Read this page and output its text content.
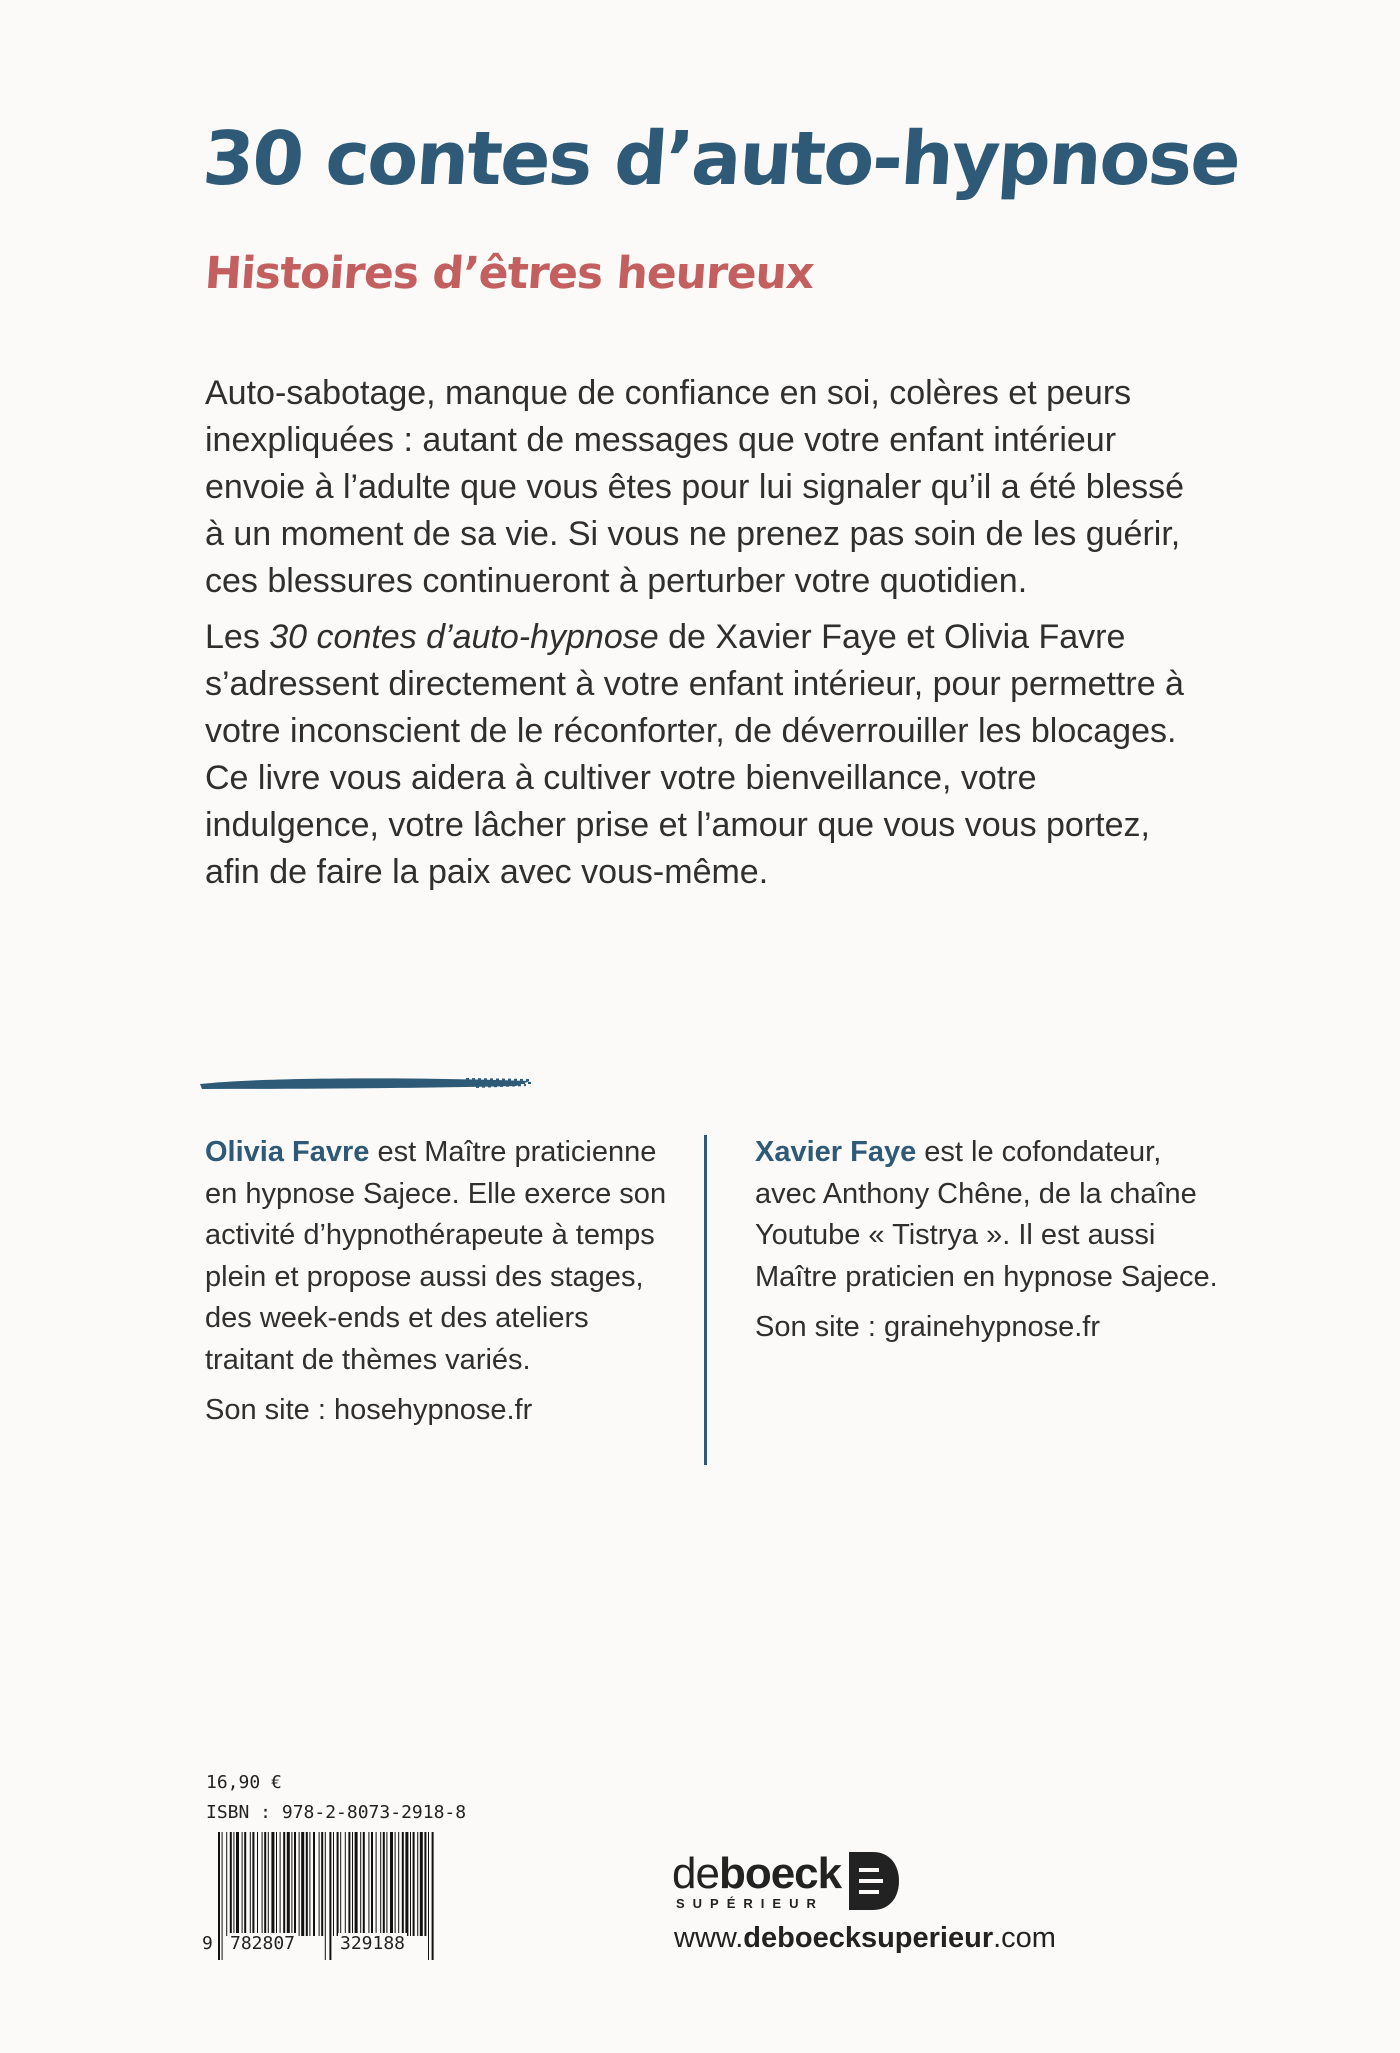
30 contes d’auto-hypnose
Histoires d’êtres heureux

Auto-sabotage, manque de confiance en soi, colères et peurs inexpliquées : autant de messages que votre enfant intérieur envoie à l’adulte que vous êtes pour lui signaler qu’il a été blessé à un moment de sa vie. Si vous ne prenez pas soin de les guérir, ces blessures continueront à perturber votre quotidien.

Les 30 contes d’auto-hypnose de Xavier Faye et Olivia Favre s’adressent directement à votre enfant intérieur, pour permettre à votre inconscient de le réconforter, de déverrouiller les blocages. Ce livre vous aidera à cultiver votre bienveillance, votre indulgence, votre lâcher prise et l’amour que vous vous portez, afin de faire la paix avec vous-même.

Olivia Favre est Maître praticienne en hypnose Sajece. Elle exerce son activité d’hypnothérapeute à temps plein et propose aussi des stages, des week-ends et des ateliers traitant de thèmes variés.

Son site : hosehypnose.fr

Xavier Faye est le cofondateur, avec Anthony Chêne, de la chaîne Youtube « Tistrya ». Il est aussi Maître praticien en hypnose Sajece.

Son site : grainehypnose.fr

16,90 €
ISBN : 978-2-8073-2918-8
9 782807 329188
deboeck
SUPÉRIEUR
www.deboecksuperieur.com
